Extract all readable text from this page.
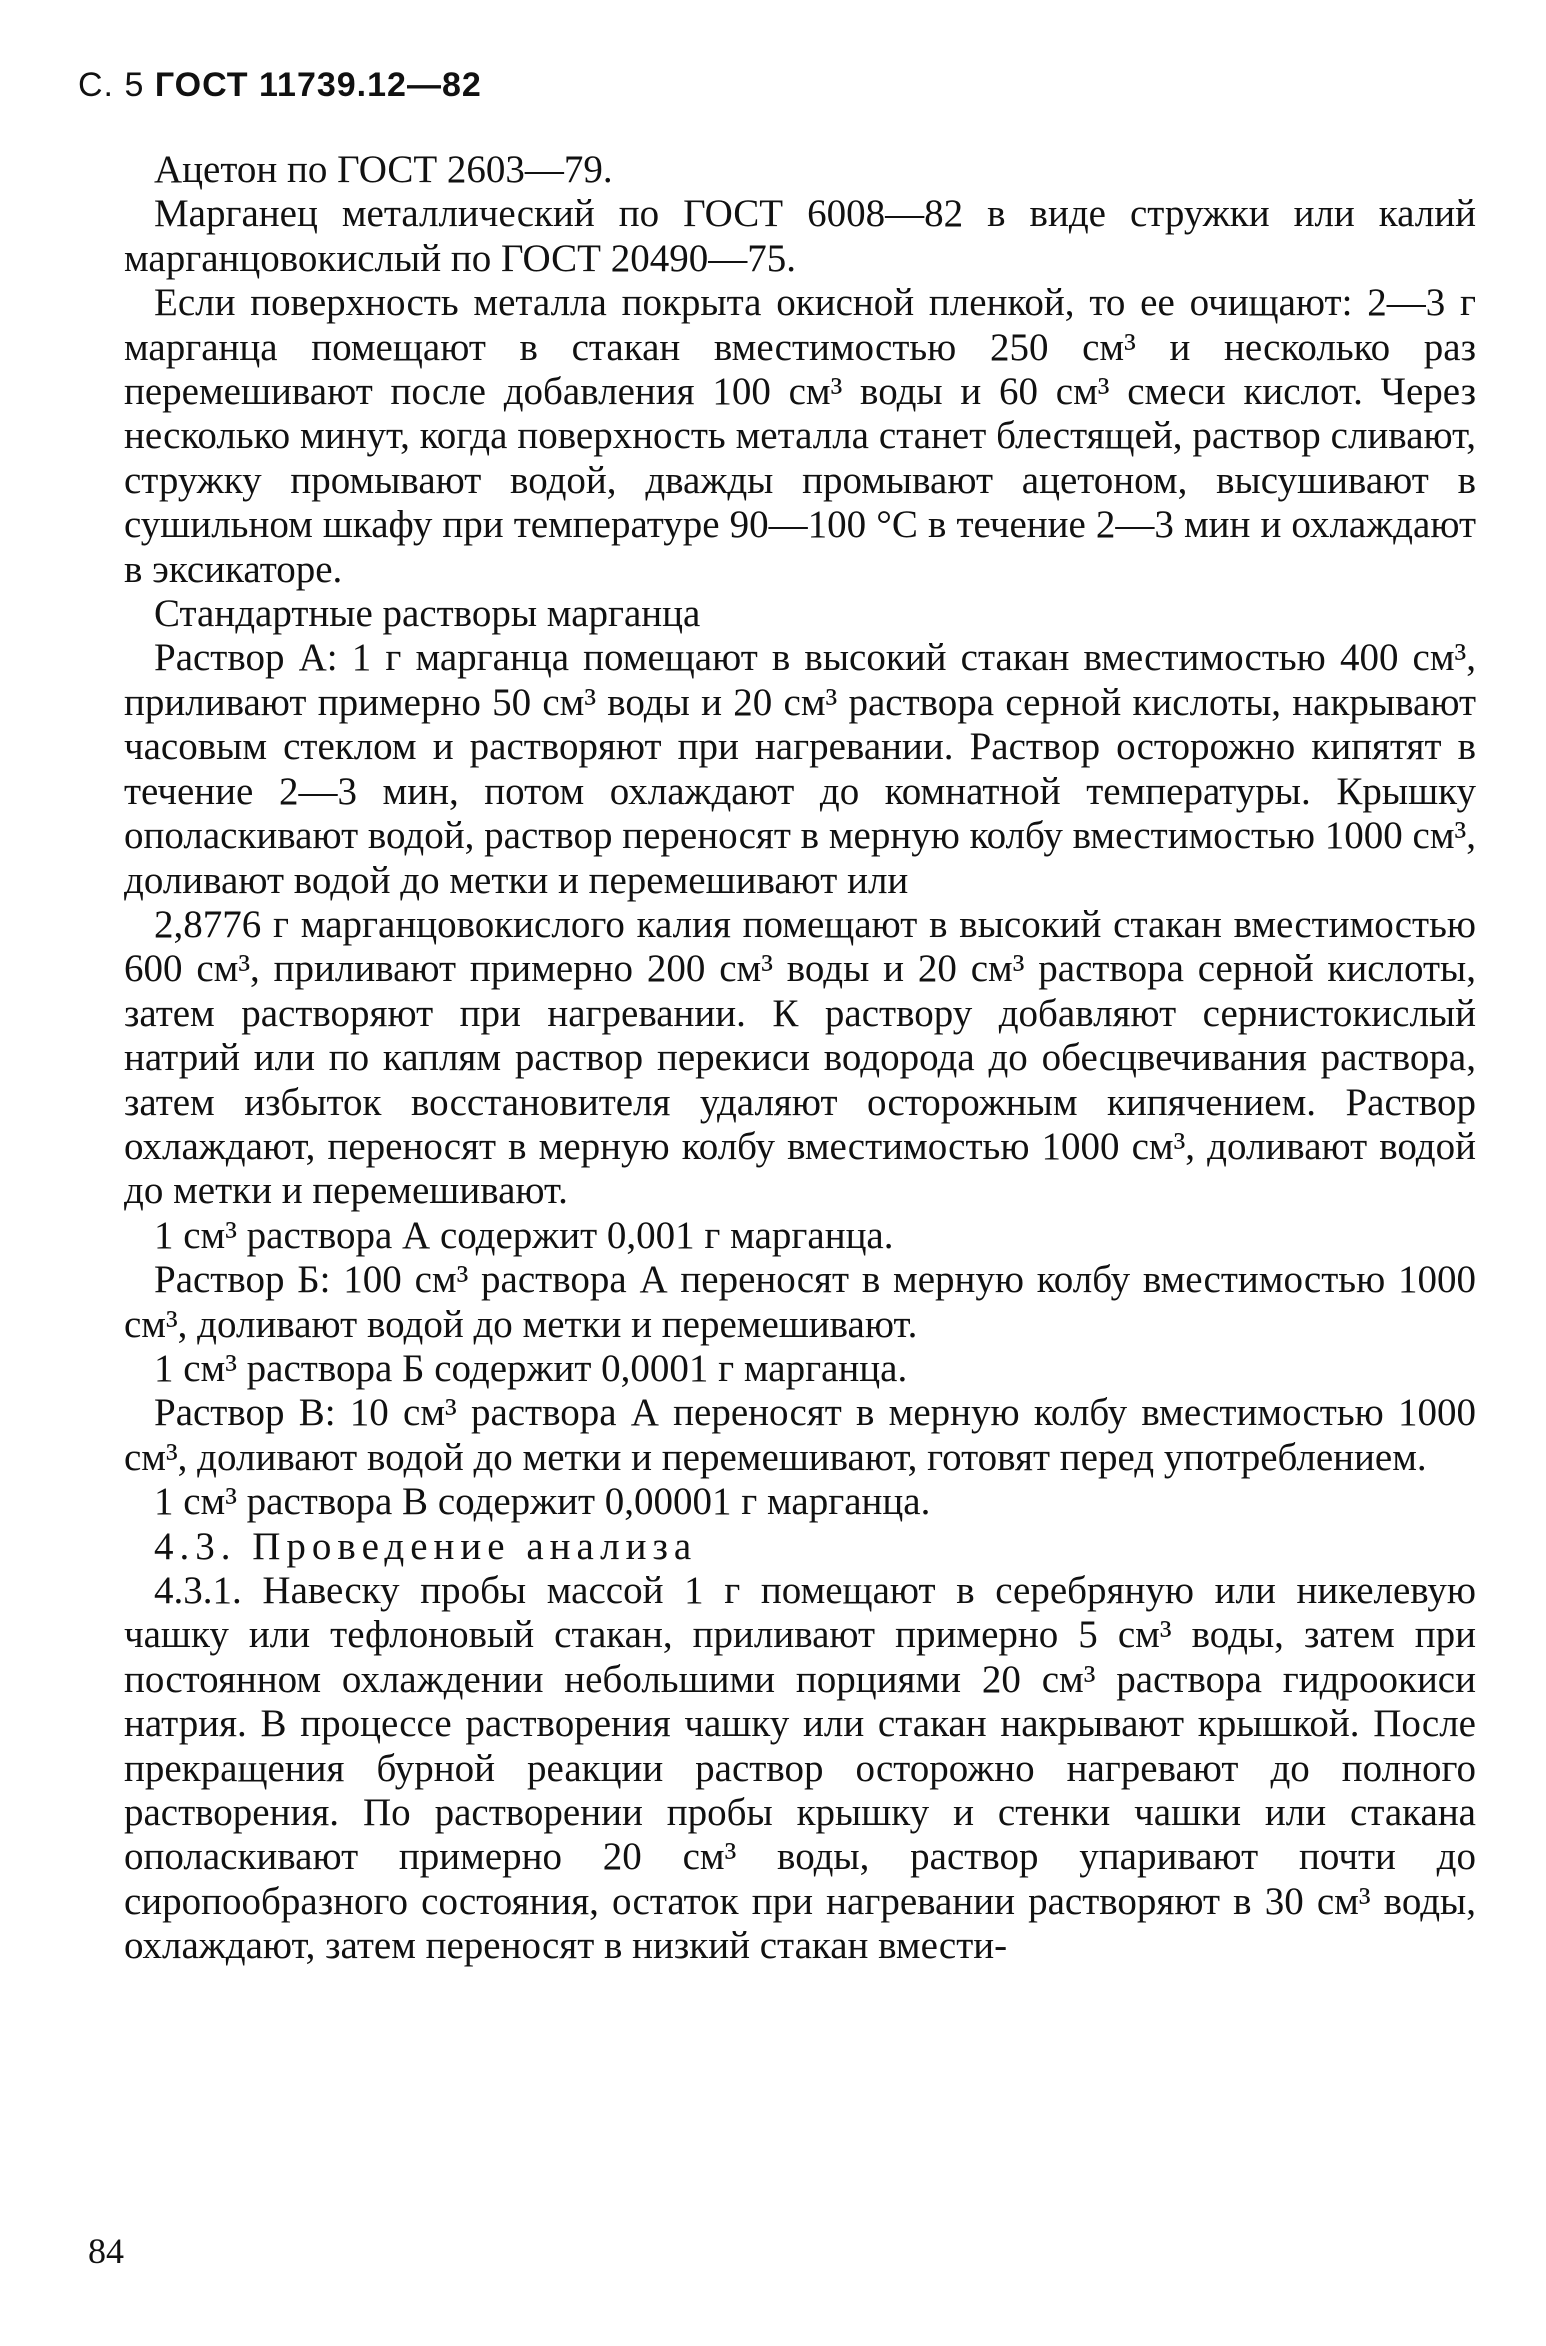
С. 5 ГОСТ 11739.12—82

Ацетон по ГОСТ 2603—79.

Марганец металлический по ГОСТ 6008—82 в виде стружки или калий марганцовокислый по ГОСТ 20490—75.

Если поверхность металла покрыта окисной пленкой, то ее очищают: 2—3 г марганца помещают в стакан вместимостью 250 см³ и несколько раз перемешивают после добавления 100 см³ воды и 60 см³ смеси кислот. Через несколько минут, когда поверхность металла станет блестящей, раствор сливают, стружку промывают водой, дважды промывают ацетоном, высушивают в сушильном шкафу при температуре 90—100 °С в течение 2—3 мин и охлаждают в эксикаторе.

Стандартные растворы марганца

Раствор А: 1 г марганца помещают в высокий стакан вместимостью 400 см³, приливают примерно 50 см³ воды и 20 см³ раствора серной кислоты, накрывают часовым стеклом и растворяют при нагревании. Раствор осторожно кипятят в течение 2—3 мин, потом охлаждают до комнатной температуры. Крышку ополаскивают водой, раствор переносят в мерную колбу вместимостью 1000 см³, доливают водой до метки и перемешивают или

2,8776 г марганцовокислого калия помещают в высокий стакан вместимостью 600 см³, приливают примерно 200 см³ воды и 20 см³ раствора серной кислоты, затем растворяют при нагревании. К раствору добавляют сернистокислый натрий или по каплям раствор перекиси водорода до обесцвечивания раствора, затем избыток восстановителя удаляют осторожным кипячением. Раствор охлаждают, переносят в мерную колбу вместимостью 1000 см³, доливают водой до метки и перемешивают.

1 см³ раствора А содержит 0,001 г марганца.

Раствор Б: 100 см³ раствора А переносят в мерную колбу вместимостью 1000 см³, доливают водой до метки и перемешивают.

1 см³ раствора Б содержит 0,0001 г марганца.

Раствор В: 10 см³ раствора А переносят в мерную колбу вместимостью 1000 см³, доливают водой до метки и перемешивают, готовят перед употреблением.

1 см³ раствора В содержит 0,00001 г марганца.

4.3. Проведение анализа

4.3.1. Навеску пробы массой 1 г помещают в серебряную или никелевую чашку или тефлоновый стакан, приливают примерно 5 см³ воды, затем при постоянном охлаждении небольшими порциями 20 см³ раствора гидроокиси натрия. В процессе растворения чашку или стакан накрывают крышкой. После прекращения бурной реакции раствор осторожно нагревают до полного растворения. По растворении пробы крышку и стенки чашки или стакана ополаскивают примерно 20 см³ воды, раствор упаривают почти до сиропообразного состояния, остаток при нагревании растворяют в 30 см³ воды, охлаждают, затем переносят в низкий стакан вмести-

84
